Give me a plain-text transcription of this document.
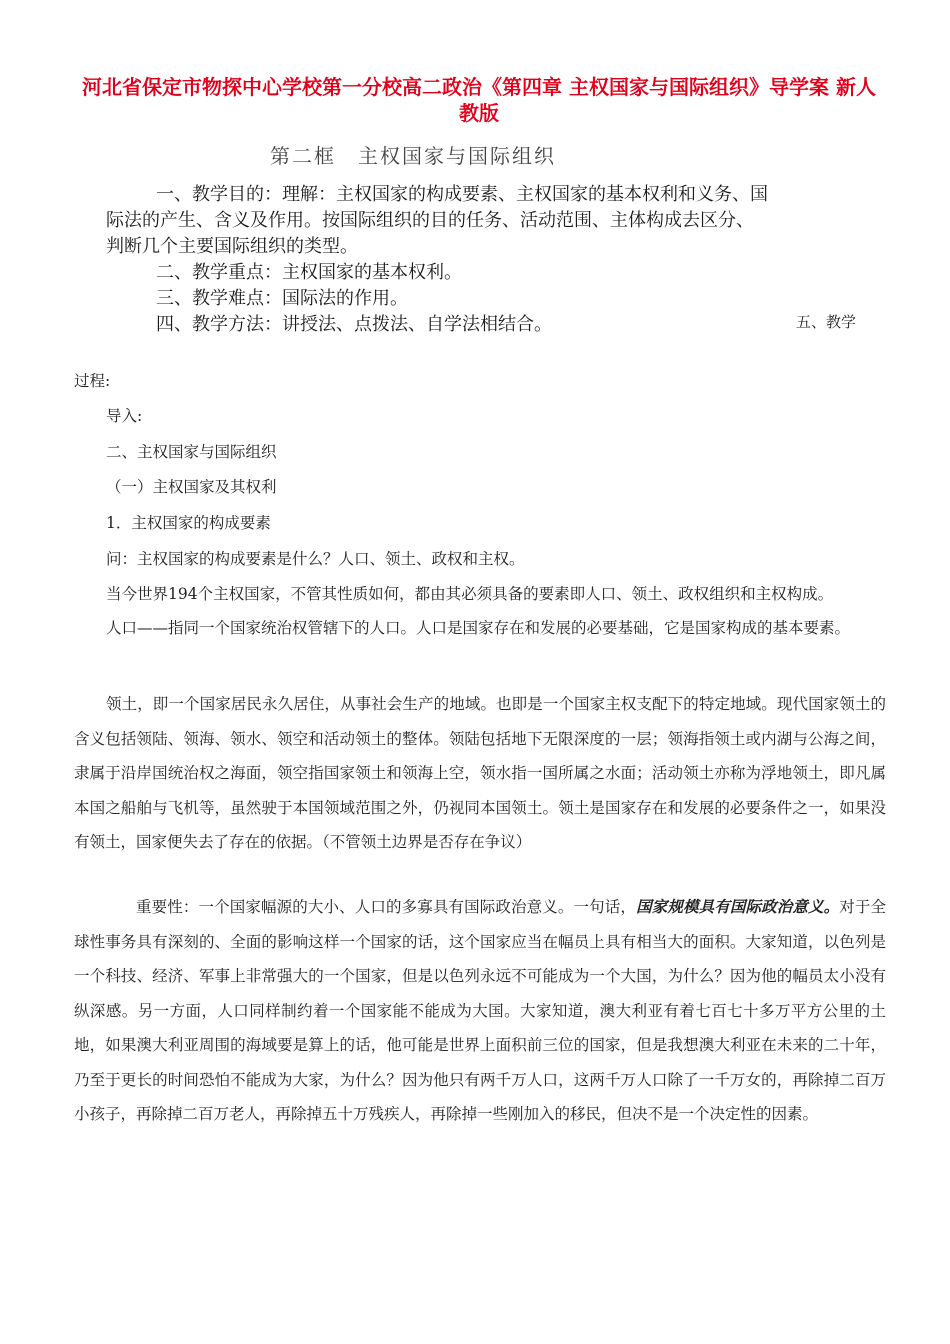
河北省保定市物探中心学校第一分校高二政治《第四章 主权国家与国际组织》导学案 新人教版
第二框　主权国家与国际组织
一、教学目的：理解：主权国家的构成要素、主权国家的基本权利和义务、国
际法的产生、含义及作用。按国际组织的目的任务、活动范围、主体构成去区分、
判断几个主要国际组织的类型。
二、教学重点：主权国家的基本权利。
三、教学难点：国际法的作用。
四、教学方法：讲授法、点拨法、自学法相结合。	五、教学
过程:
导入:
二、主权国家与国际组织
（一）主权国家及其权利
1．主权国家的构成要素
问：主权国家的构成要素是什么？人口、领土、政权和主权。
当今世界194个主权国家，不管其性质如何，都由其必须具备的要素即人口、领土、政权组织和主权构成。

人口——指同一个国家统治权管辖下的人口。人口是国家存在和发展的必要基础，它是国家构成的基本要素。

领土，即一个国家居民永久居住，从事社会生产的地域。也即是一个国家主权支配下的特定地域。现代国家领土的含义包括领陆、领海、领水、领空和活动领土的整体。领陆包括地下无限深度的一层；领海指领土或内湖与公海之间，隶属于沿岸国统治权之海面，领空指国家领土和领海上空，领水指一国所属之水面；活动领土亦称为浮地领土，即凡属本国之船舶与飞机等，虽然驶于本国领域范围之外，仍视同本国领土。领土是国家存在和发展的必要条件之一，如果没有领土，国家便失去了存在的依据。（不管领土边界是否存在争议）

重要性：一个国家幅源的大小、人口的多寡具有国际政治意义。一句话，国家规模具有国际政治意义。对于全球性事务具有深刻的、全面的影响这样一个国家的话，这个国家应当在幅员上具有相当大的面积。大家知道，以色列是一个科技、经济、军事上非常强大的一个国家，但是以色列永远不可能成为一个大国，为什么？因为他的幅员太小没有纵深感。另一方面，人口同样制约着一个国家能不能成为大国。大家知道，澳大利亚有着七百七十多万平方公里的土地，如果澳大利亚周围的海域要是算上的话，他可能是世界上面积前三位的国家，但是我想澳大利亚在未来的二十年，乃至于更长的时间恐怕不能成为大家，为什么？因为他只有两千万人口，这两千万人口除了一千万女的，再除掉二百万小孩子，再除掉二百万老人，再除掉五十万残疾人，再除掉一些刚加入的移民，但决不是一个决定性的因素。
